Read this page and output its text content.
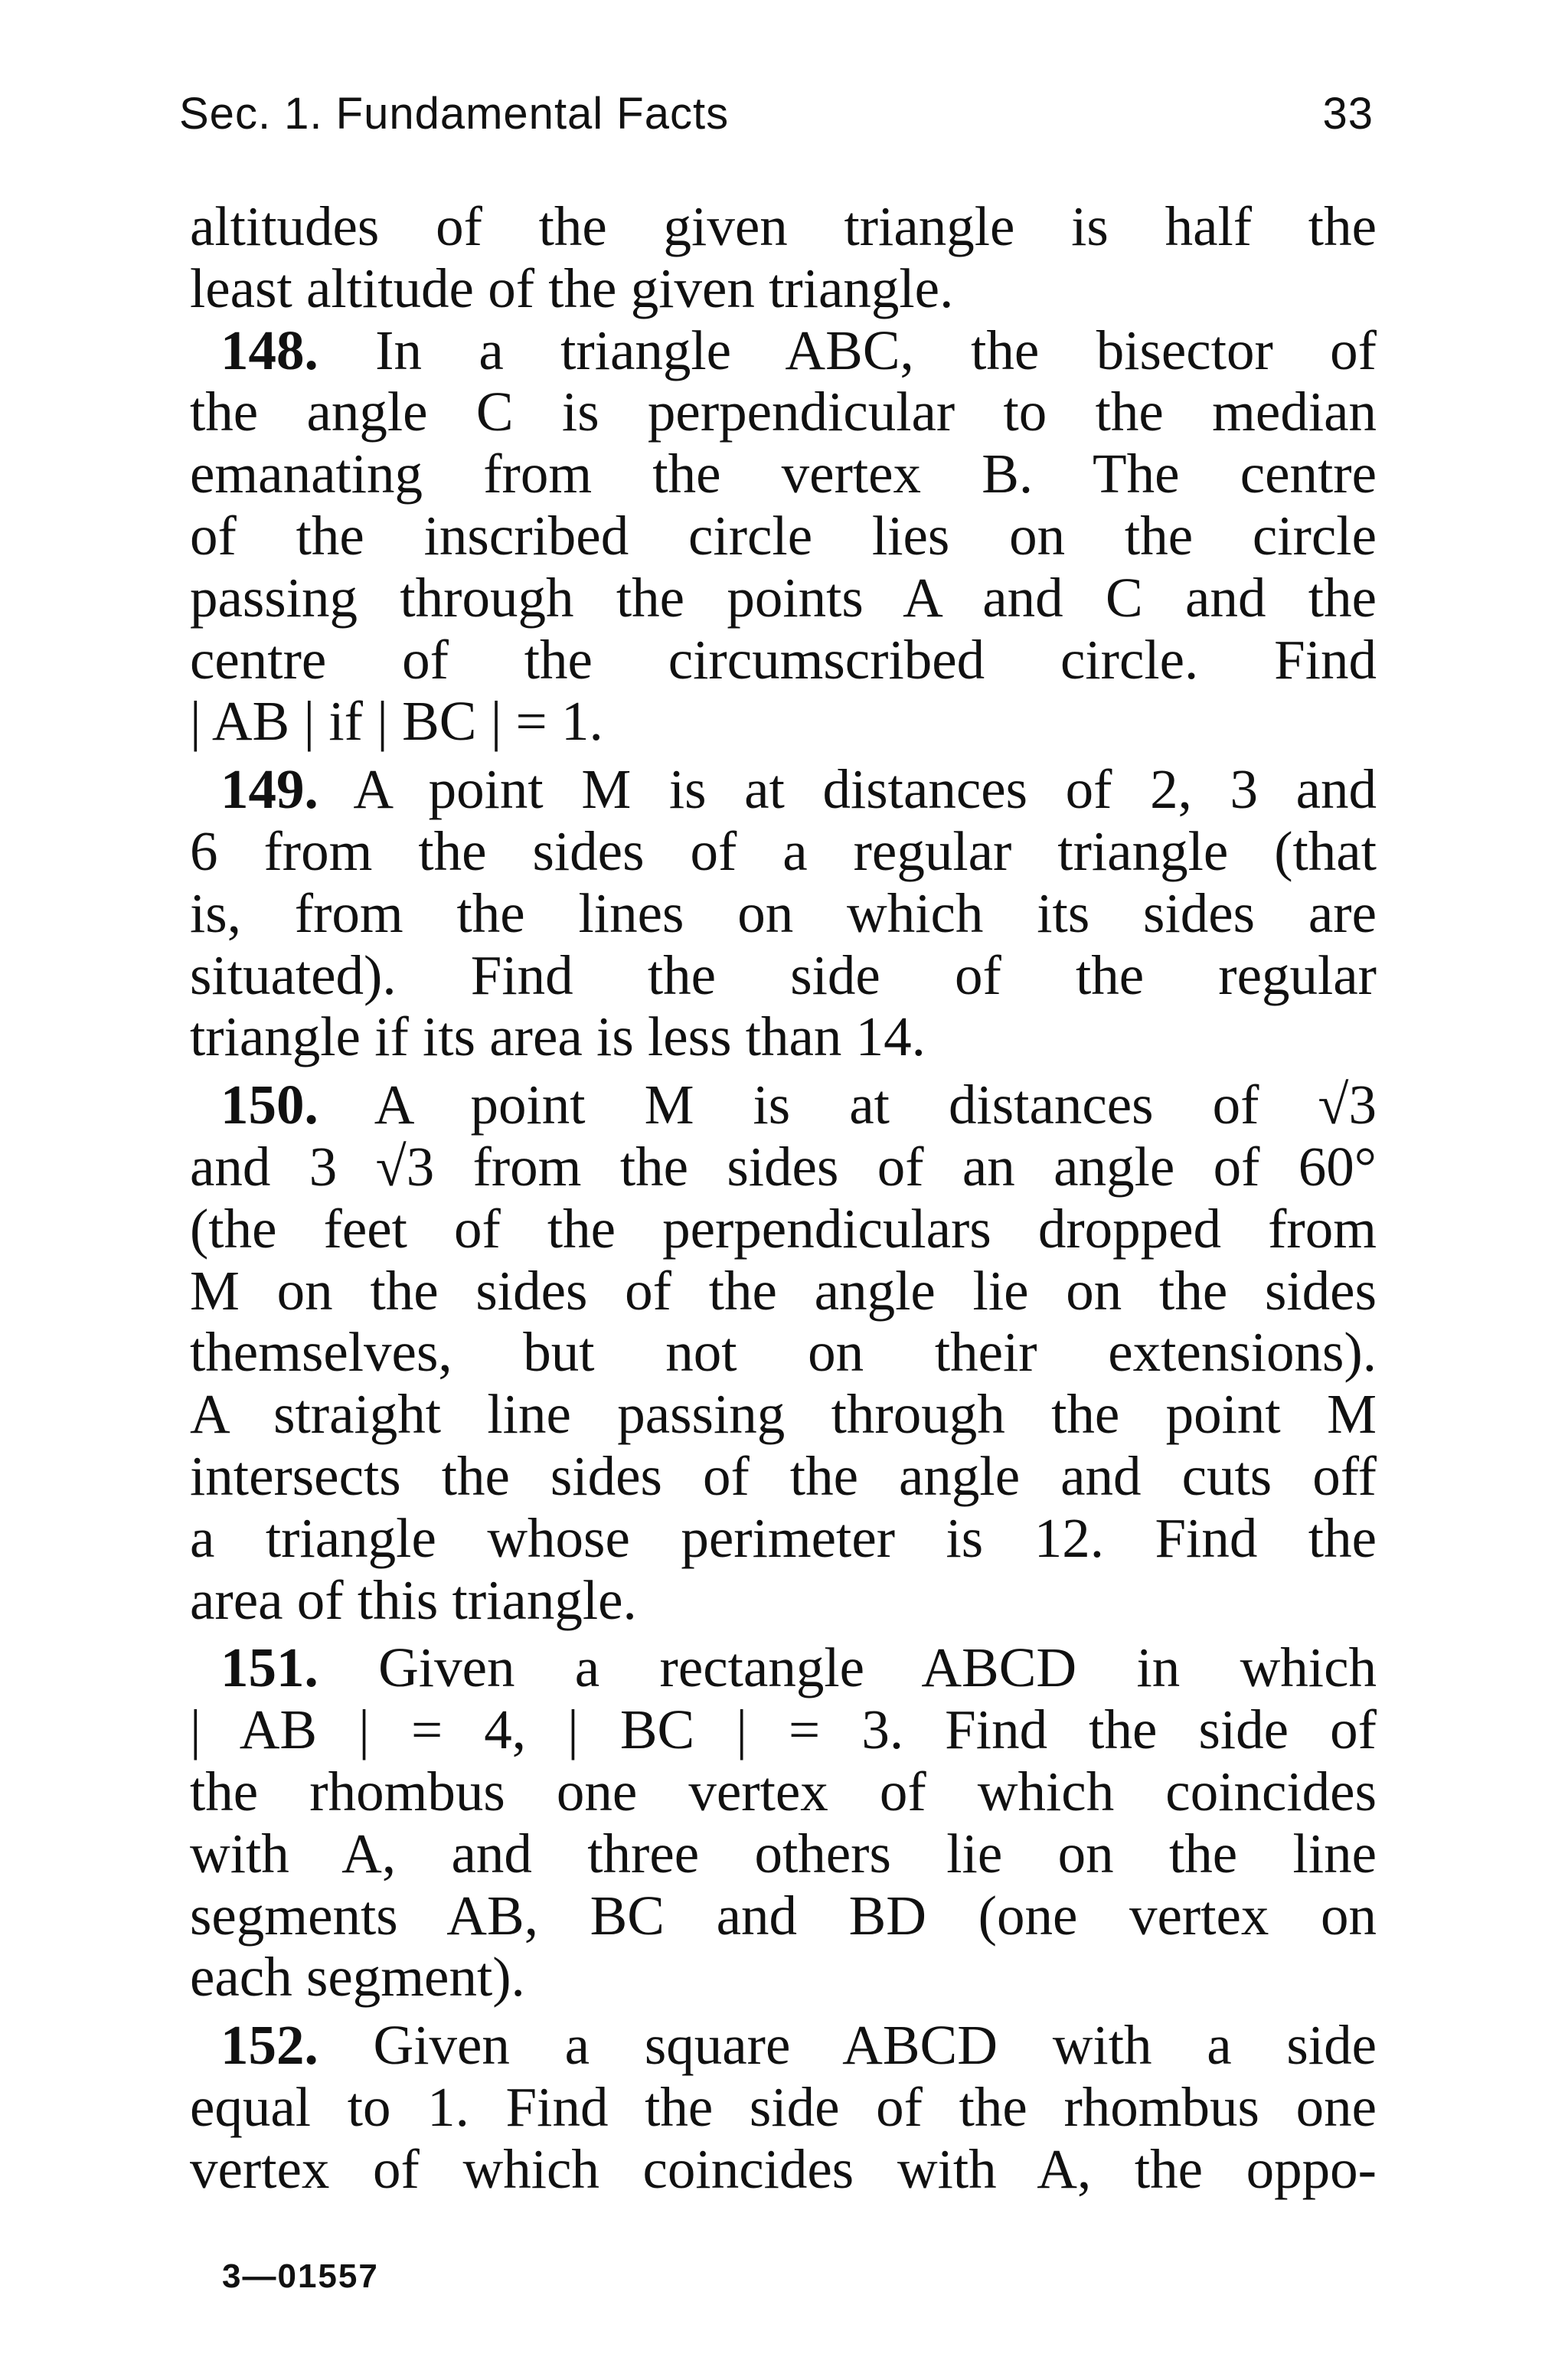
Sec. 1. Fundamental Facts	33
altitudes of the given triangle is half the
least altitude of the given triangle.
148. In a triangle ABC, the bisector of
the angle C is perpendicular to the median
emanating from the vertex B. The centre
of the inscribed circle lies on the circle
passing through the points A and C and the
centre of the circumscribed circle. Find
| AB | if | BC | = 1.
149. A point M is at distances of 2, 3 and
6 from the sides of a regular triangle (that
is, from the lines on which its sides are
situated). Find the side of the regular
triangle if its area is less than 14.
150. A point M is at distances of √3
and 3 √3 from the sides of an angle of 60°
(the feet of the perpendiculars dropped from
M on the sides of the angle lie on the sides
themselves, but not on their extensions).
A straight line passing through the point M
intersects the sides of the angle and cuts off
a triangle whose perimeter is 12. Find the
area of this triangle.
151. Given a rectangle ABCD in which
| AB | = 4, | BC | = 3. Find the side of
the rhombus one vertex of which coincides
with A, and three others lie on the line
segments AB, BC and BD (one vertex on
each segment).
152. Given a square ABCD with a side
equal to 1. Find the side of the rhombus one
vertex of which coincides with A, the oppo-
3—01557
